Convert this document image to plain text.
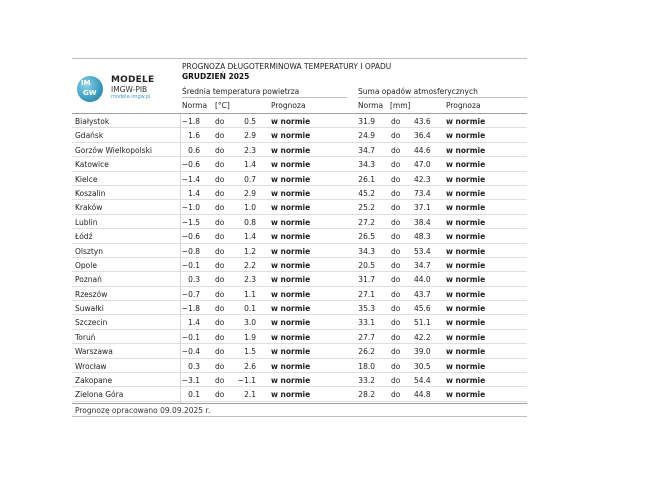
IM
GW
MODELE
IMGW-PIB
modele.imgw.pl
PROGNOZA DŁUGOTERMINOWA TEMPERATURY I OPADU
GRUDZIEŃ 2025
Średnia temperatura powietrza	Suma opadów atmosferycznych
Norma [°C]	Prognoza	Norma [mm]	Prognoza
Białystok	−1.8 do	0.5 w normie	31.9 do 43.6 w normie
Gdańsk	1.6 do	2.9 w normie	24.9 do 36.4 w normie
Gorzów Wielkopolski	0.6 do	2.3 w normie	34.7 do 44.6 w normie
Katowice	−0.6 do	1.4 w normie	34.3 do 47.0 w normie
Kielce	−1.4 do	0.7 w normie	26.1 do 42.3 w normie
Koszalin	1.4 do	2.9 w normie	45.2 do 73.4 w normie
Kraków	−1.0 do	1.0 w normie	25.2 do 37.1 w normie
Lublin	−1.5 do	0.8 w normie	27.2 do 38.4 w normie
Łódź	−0.6 do	1.4 w normie	26.5 do 48.3 w normie
Olsztyn	−0.8 do	1.2 w normie	34.3 do 53.4 w normie
Opole	−0.1 do	2.2 w normie	20.5 do 34.7 w normie
Poznań	0.3 do	2.3 w normie	31.7 do 44.0 w normie
Rzeszów	−0.7 do	1.1 w normie	27.1 do 43.7 w normie
Suwałki	−1.8 do	0.1 w normie	35.3 do 45.6 w normie
Szczecin	1.4 do	3.0 w normie	33.1 do 51.1 w normie
Toruń	−0.1 do	1.9 w normie	27.7 do 42.2 w normie
Warszawa	−0.4 do	1.5 w normie	26.2 do 39.0 w normie
Wrocław	0.3 do	2.6 w normie	18.0 do 30.5 w normie
Zakopane	−3.1 do	−1.1 w normie	33.2 do 54.4 w normie
Zielona Góra	0.1 do	2.1 w normie	28.2 do 44.8 w normie
Prognozę opracowano 09.09.2025 r.
